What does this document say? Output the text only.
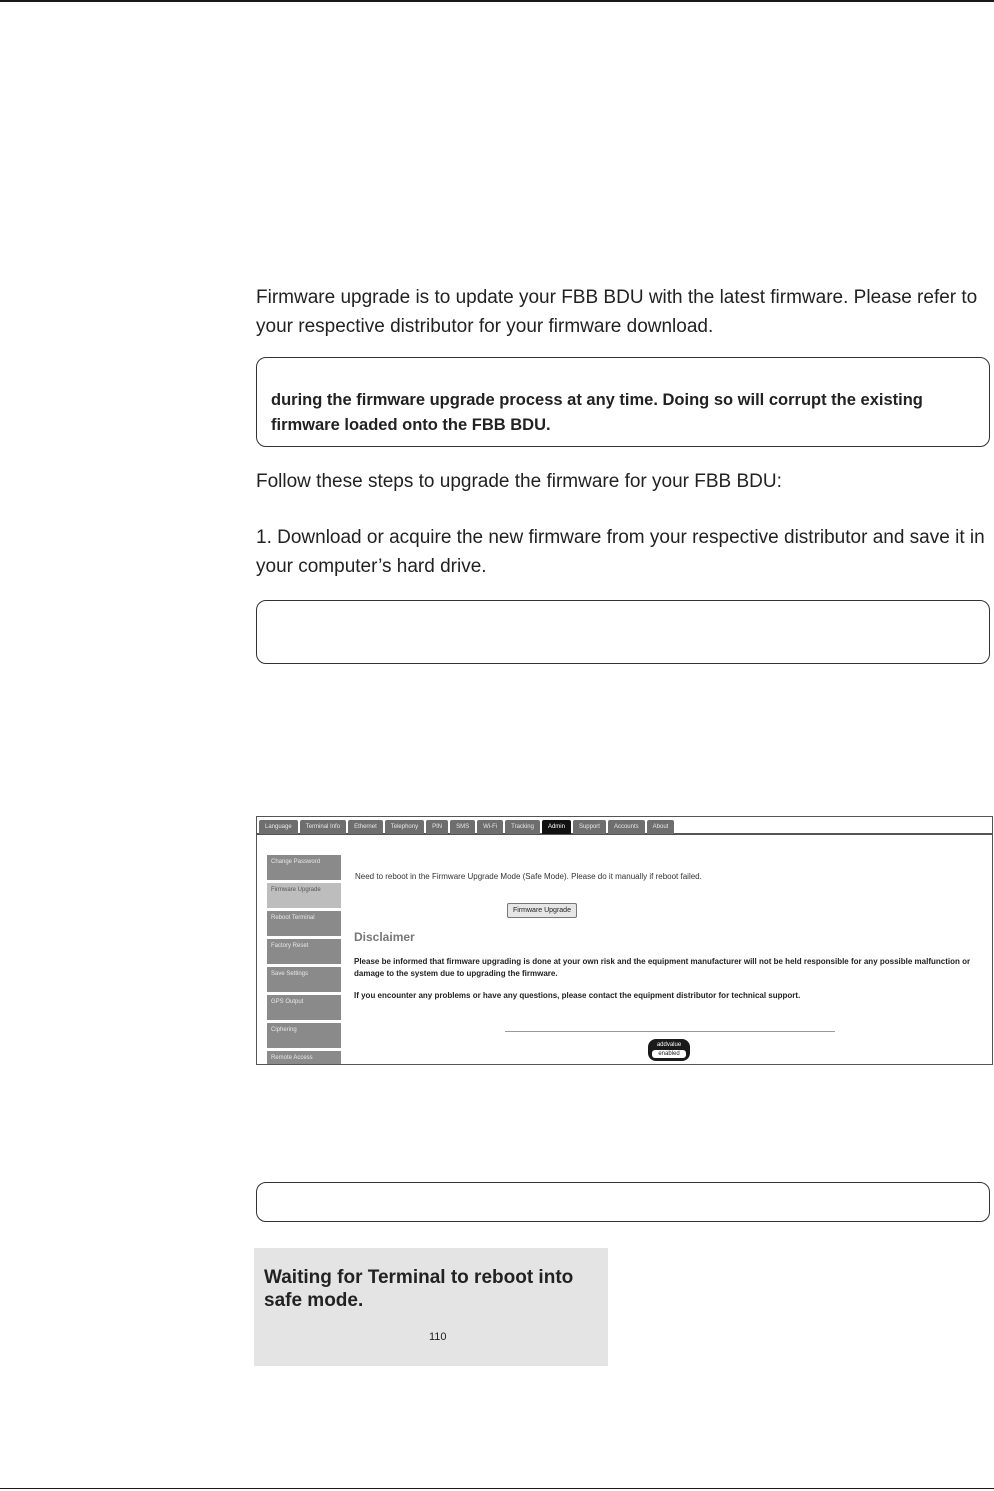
Firmware upgrade is to update your FBB BDU with the latest firmware. Please refer to your respective distributor for your firmware download.
during the firmware upgrade process at any time. Doing so will corrupt the existing firmware loaded onto the FBB BDU.
Follow these steps to upgrade the firmware for your FBB BDU:
1. Download or acquire the new firmware from your respective distributor and save it in your computer’s hard drive.
Language	Terminal Info	Ethernet	Telephony	PIN	SMS	Wi-Fi	Tracking	Admin	Support	Accounts	About
Change Password
Firmware Upgrade
Reboot Terminal
Factory Reset
Save Settings
GPS Output
Ciphering
Remote Access
Need to reboot in the Firmware Upgrade Mode (Safe Mode). Please do it manually if reboot failed.
Firmware Upgrade
Disclaimer
Please be informed that firmware upgrading is done at your own risk and the equipment manufacturer will not be held responsible for any possible malfunction or damage to the system due to upgrading the firmware.
If you encounter any problems or have any questions, please contact the equipment distributor for technical support.
addvalue
enabled
Waiting for Terminal to reboot into safe mode.
110
